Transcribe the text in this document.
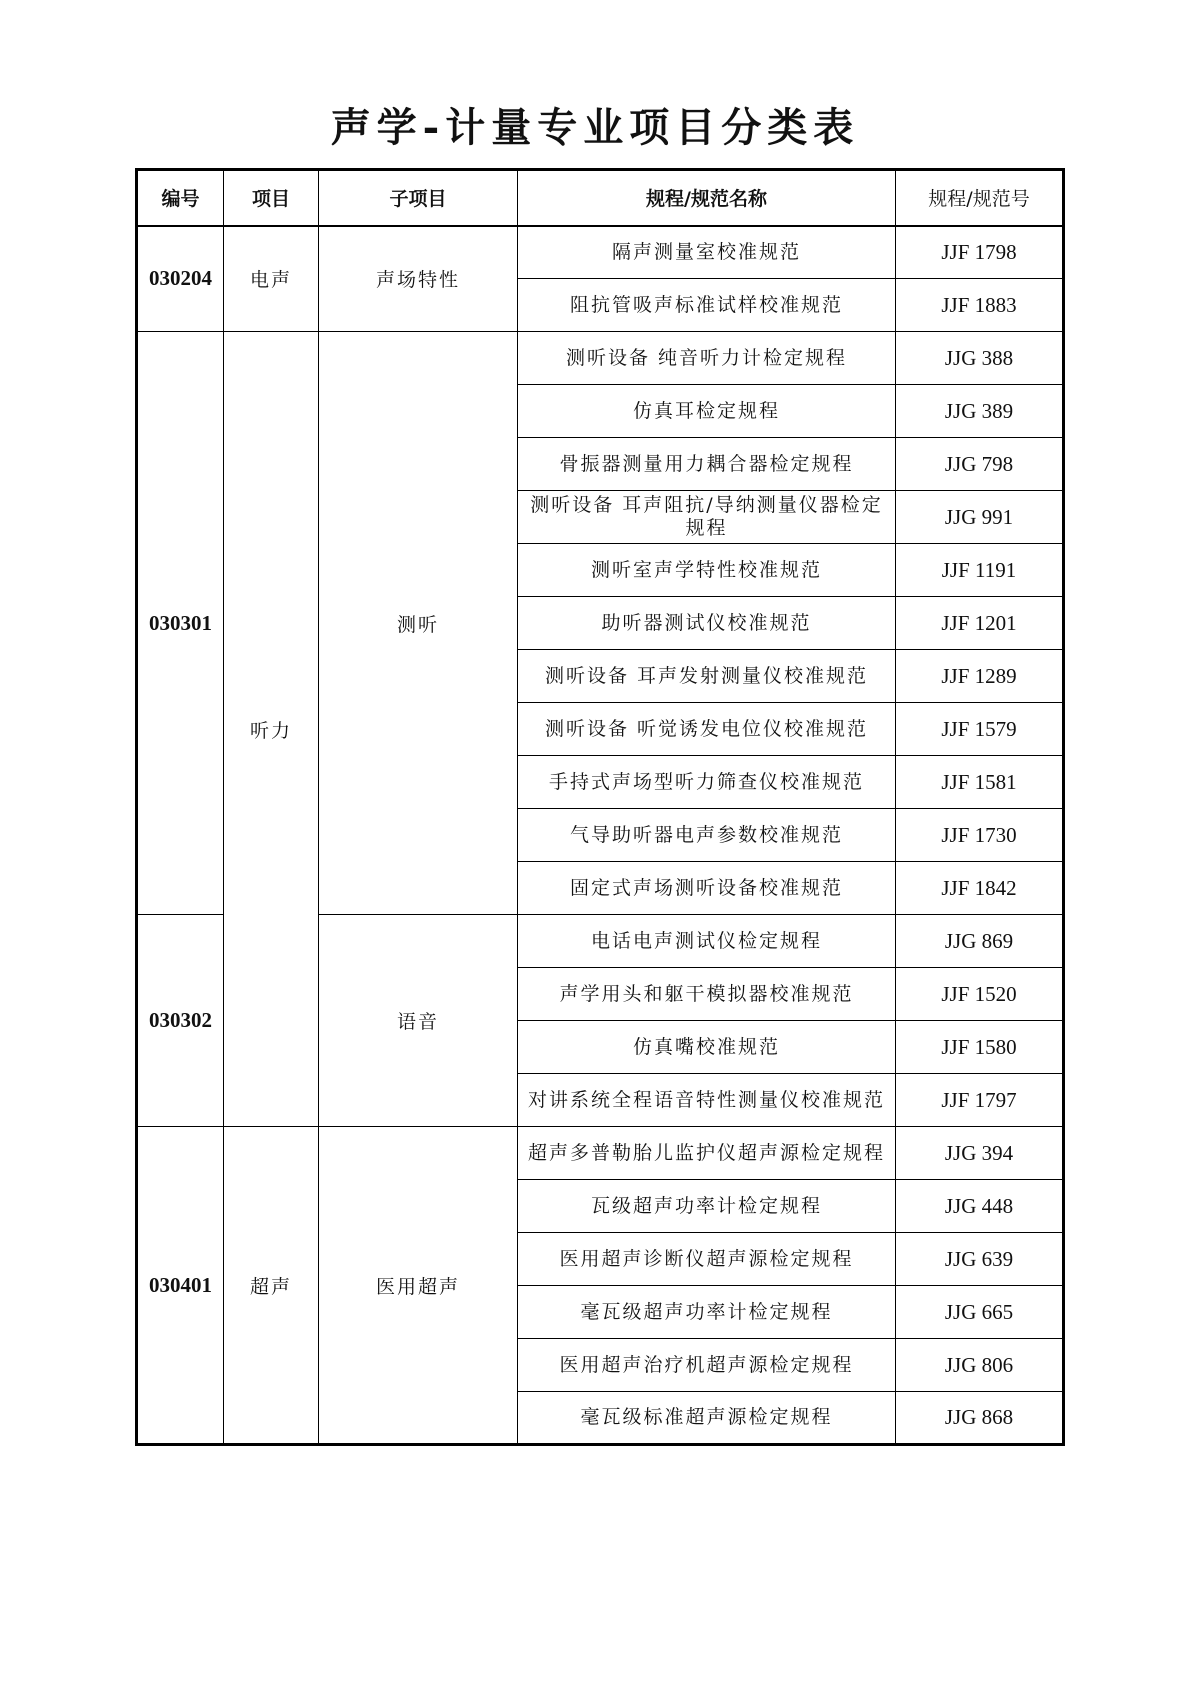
声学-计量专业项目分类表
编号	项目	子项目	规程/规范名称	规程/规范号
030204	电声	声场特性	隔声测量室校准规范	JJF 1798
			阻抗管吸声标准试样校准规范	JJF 1883
030301	听力	测听	测听设备 纯音听力计检定规程	JJG 388
			仿真耳检定规程	JJG 389
			骨振器测量用力耦合器检定规程	JJG 798
			测听设备 耳声阻抗/导纳测量仪器检定规程	JJG 991
			测听室声学特性校准规范	JJF 1191
			助听器测试仪校准规范	JJF 1201
			测听设备 耳声发射测量仪校准规范	JJF 1289
			测听设备 听觉诱发电位仪校准规范	JJF 1579
			手持式声场型听力筛查仪校准规范	JJF 1581
			气导助听器电声参数校准规范	JJF 1730
			固定式声场测听设备校准规范	JJF 1842
030302		语音	电话电声测试仪检定规程	JJG 869
			声学用头和躯干模拟器校准规范	JJF 1520
			仿真嘴校准规范	JJF 1580
			对讲系统全程语音特性测量仪校准规范	JJF 1797
030401	超声	医用超声	超声多普勒胎儿监护仪超声源检定规程	JJG 394
			瓦级超声功率计检定规程	JJG 448
			医用超声诊断仪超声源检定规程	JJG 639
			毫瓦级超声功率计检定规程	JJG 665
			医用超声治疗机超声源检定规程	JJG 806
			毫瓦级标准超声源检定规程	JJG 868
